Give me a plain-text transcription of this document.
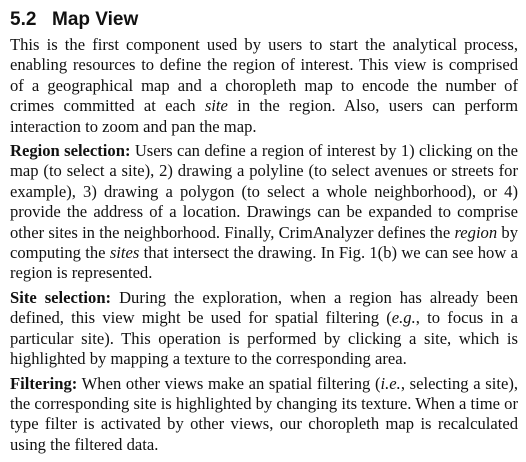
5.2 Map View

This is the first component used by users to start the analytical process, enabling resources to define the region of interest. This view is comprised of a geographical map and a choropleth map to encode the number of crimes committed at each site in the region. Also, users can perform interaction to zoom and pan the map.

Region selection: Users can define a region of interest by 1) clicking on the map (to select a site), 2) drawing a polyline (to select avenues or streets for example), 3) drawing a polygon (to select a whole neighborhood), or 4) provide the address of a location. Drawings can be expanded to comprise other sites in the neighborhood. Finally, CrimAnalyzer defines the region by computing the sites that intersect the drawing. In Fig. 1(b) we can see how a region is represented.

Site selection: During the exploration, when a region has already been defined, this view might be used for spatial filtering (e.g., to focus in a particular site). This operation is performed by clicking a site, which is highlighted by mapping a texture to the corresponding area.

Filtering: When other views make an spatial filtering (i.e., selecting a site), the corresponding site is highlighted by changing its texture. When a time or type filter is activated by other views, our choropleth map is recalculated using the filtered data.
